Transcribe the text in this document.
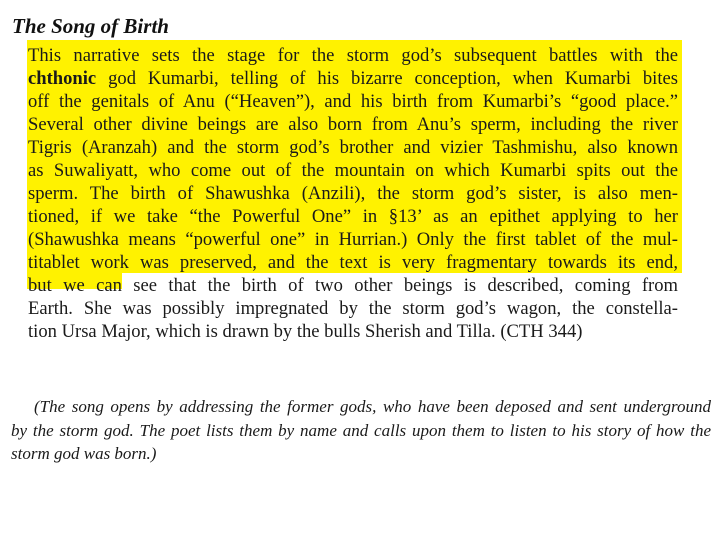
The Song of Birth
This narrative sets the stage for the storm god’s subsequent battles with the
chthonic god Kumarbi, telling of his bizarre conception, when Kumarbi bites
off the genitals of Anu (“Heaven”), and his birth from Kumarbi’s “good place.”
Several other divine beings are also born from Anu’s sperm, including the river
Tigris (Aranzah) and the storm god’s brother and vizier Tashmishu, also known
as Suwaliyatt, who come out of the mountain on which Kumarbi spits out the
sperm. The birth of Shawushka (Anzili), the storm god’s sister, is also men-
tioned, if we take “the Powerful One” in §13’ as an epithet applying to her
(Shawushka means “powerful one” in Hurrian.) Only the first tablet of the mul-
titablet work was preserved, and the text is very fragmentary towards its end,
but we can see that the birth of two other beings is described, coming from
Earth. She was possibly impregnated by the storm god’s wagon, the constella-
tion Ursa Major, which is drawn by the bulls Sherish and Tilla. (CTH 344)
(The song opens by addressing the former gods, who have been deposed and sent underground
by the storm god. The poet lists them by name and calls upon them to listen to his story of how the
storm god was born.)
